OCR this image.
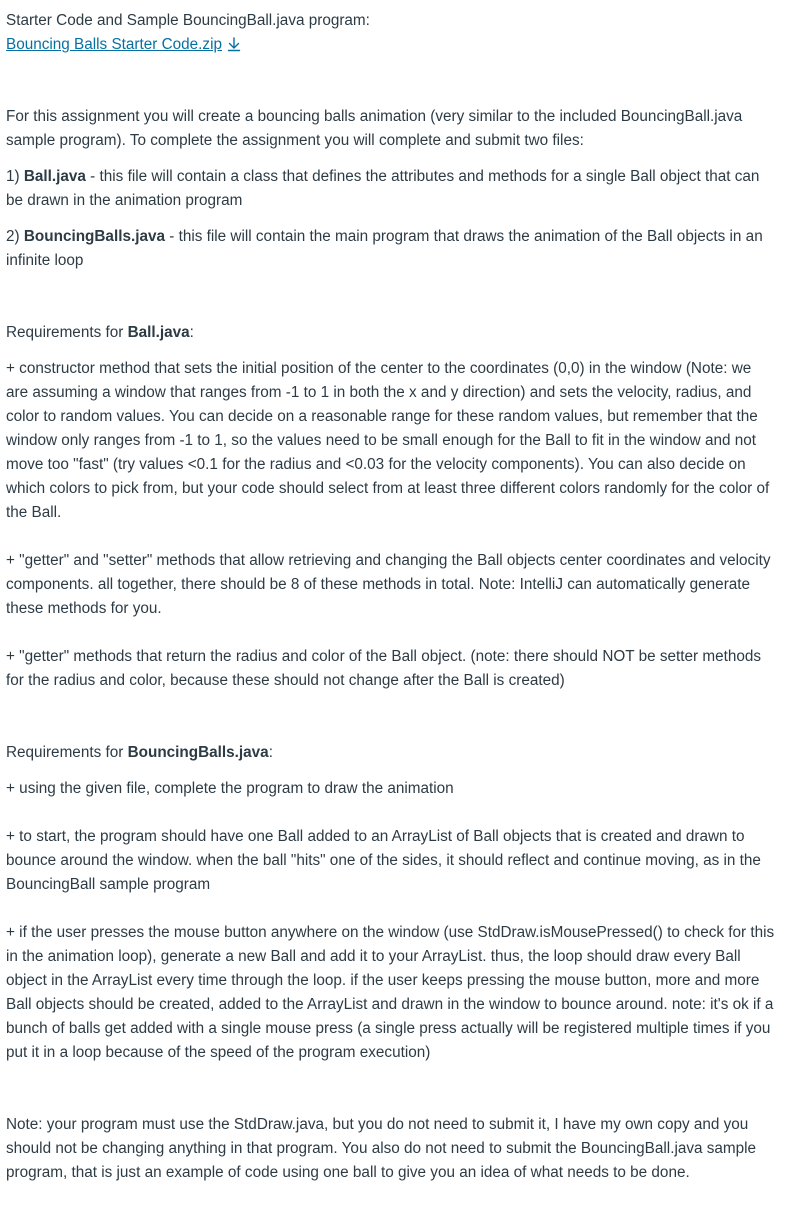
Starter Code and Sample BouncingBall.java program:

Bouncing Balls Starter Code.zip

For this assignment you will create a bouncing balls animation (very similar to the included BouncingBall.java sample program). To complete the assignment you will complete and submit two files:

1) Ball.java - this file will contain a class that defines the attributes and methods for a single Ball object that can be drawn in the animation program

2) BouncingBalls.java - this file will contain the main program that draws the animation of the Ball objects in an infinite loop

Requirements for Ball.java:

+ constructor method that sets the initial position of the center to the coordinates (0,0) in the window (Note: we are assuming a window that ranges from -1 to 1 in both the x and y direction) and sets the velocity, radius, and color to random values. You can decide on a reasonable range for these random values, but remember that the window only ranges from -1 to 1, so the values need to be small enough for the Ball to fit in the window and not move too "fast" (try values <0.1 for the radius and <0.03 for the velocity components). You can also decide on which colors to pick from, but your code should select from at least three different colors randomly for the color of the Ball.

+ "getter" and "setter" methods that allow retrieving and changing the Ball objects center coordinates and velocity components. all together, there should be 8 of these methods in total. Note: IntelliJ can automatically generate these methods for you.

+ "getter" methods that return the radius and color of the Ball object. (note: there should NOT be setter methods for the radius and color, because these should not change after the Ball is created)

Requirements for BouncingBalls.java:

+ using the given file, complete the program to draw the animation

+ to start, the program should have one Ball added to an ArrayList of Ball objects that is created and drawn to bounce around the window. when the ball "hits" one of the sides, it should reflect and continue moving, as in the BouncingBall sample program

+ if the user presses the mouse button anywhere on the window (use StdDraw.isMousePressed() to check for this in the animation loop), generate a new Ball and add it to your ArrayList. thus, the loop should draw every Ball object in the ArrayList every time through the loop. if the user keeps pressing the mouse button, more and more Ball objects should be created, added to the ArrayList and drawn in the window to bounce around. note: it's ok if a bunch of balls get added with a single mouse press (a single press actually will be registered multiple times if you put it in a loop because of the speed of the program execution)

Note: your program must use the StdDraw.java, but you do not need to submit it, I have my own copy and you should not be changing anything in that program. You also do not need to submit the BouncingBall.java sample program, that is just an example of code using one ball to give you an idea of what needs to be done.
